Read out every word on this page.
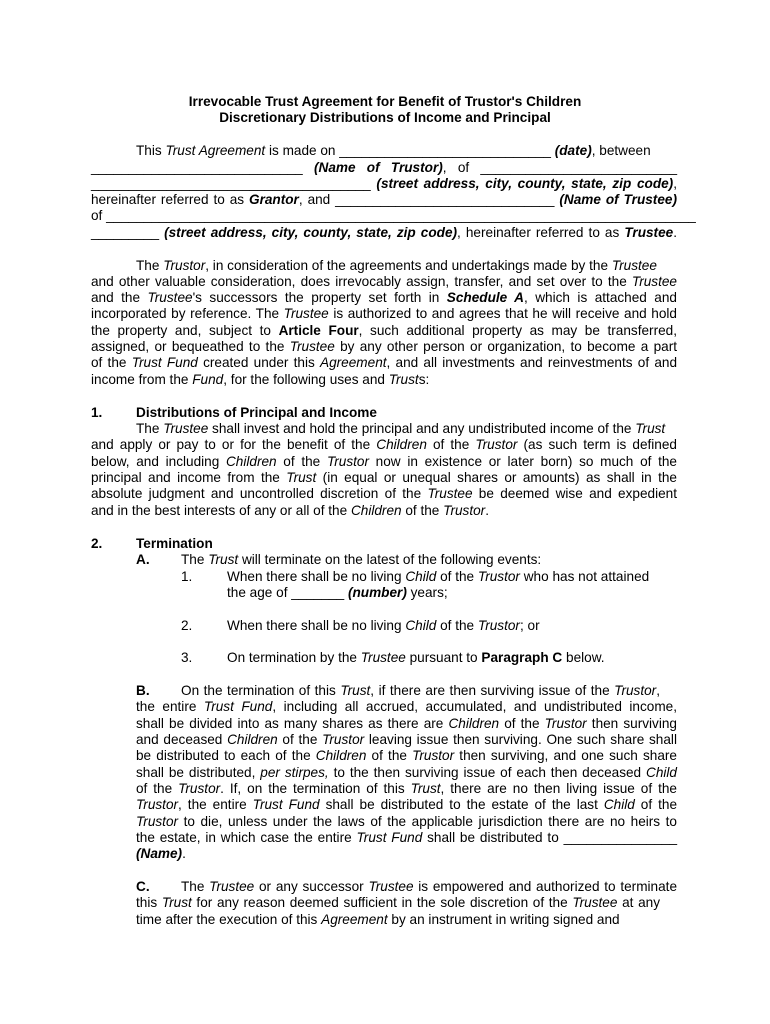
Irrevocable Trust Agreement for Benefit of Trustor's Children
Discretionary Distributions of Income and Principal
This Trust Agreement is made on ____________________________ (date), between
____________________________ (Name of Trustor), of __________________________
_____________________________________ (street address, city, county, state, zip code),
hereinafter referred to as Grantor, and _____________________________ (Name of Trustee)
of ______________________________________________________________________________
_________ (street address, city, county, state, zip code), hereinafter referred to as Trustee.
The Trustor, in consideration of the agreements and undertakings made by the Trustee
and other valuable consideration, does irrevocably assign, transfer, and set over to the Trustee
and the Trustee's successors the property set forth in Schedule A, which is attached and
incorporated by reference. The Trustee is authorized to and agrees that he will receive and hold
the property and, subject to Article Four, such additional property as may be transferred,
assigned, or bequeathed to the Trustee by any other person or organization, to become a part
of the Trust Fund created under this Agreement, and all investments and reinvestments of and
income from the Fund, for the following uses and Trusts:
1. Distributions of Principal and Income
The Trustee shall invest and hold the principal and any undistributed income of the Trust
and apply or pay to or for the benefit of the Children of the Trustor (as such term is defined
below, and including Children of the Trustor now in existence or later born) so much of the
principal and income from the Trust (in equal or unequal shares or amounts) as shall in the
absolute judgment and uncontrolled discretion of the Trustee be deemed wise and expedient
and in the best interests of any or all of the Children of the Trustor.
2. Termination
A. The Trust will terminate on the latest of the following events:
1.	When there shall be no living Child of the Trustor who has not attained
the age of _______ (number) years;
2.	When there shall be no living Child of the Trustor; or
3.	On termination by the Trustee pursuant to Paragraph C below.
B. On the termination of this Trust, if there are then surviving issue of the Trustor,
the entire Trust Fund, including all accrued, accumulated, and undistributed income,
shall be divided into as many shares as there are Children of the Trustor then surviving
and deceased Children of the Trustor leaving issue then surviving. One such share shall
be distributed to each of the Children of the Trustor then surviving, and one such share
shall be distributed, per stirpes, to the then surviving issue of each then deceased Child
of the Trustor. If, on the termination of this Trust, there are no then living issue of the
Trustor, the entire Trust Fund shall be distributed to the estate of the last Child of the
Trustor to die, unless under the laws of the applicable jurisdiction there are no heirs to
the estate, in which case the entire Trust Fund shall be distributed to _______________
(Name).
C. The Trustee or any successor Trustee is empowered and authorized to terminate
this Trust for any reason deemed sufficient in the sole discretion of the Trustee at any
time after the execution of this Agreement by an instrument in writing signed and
